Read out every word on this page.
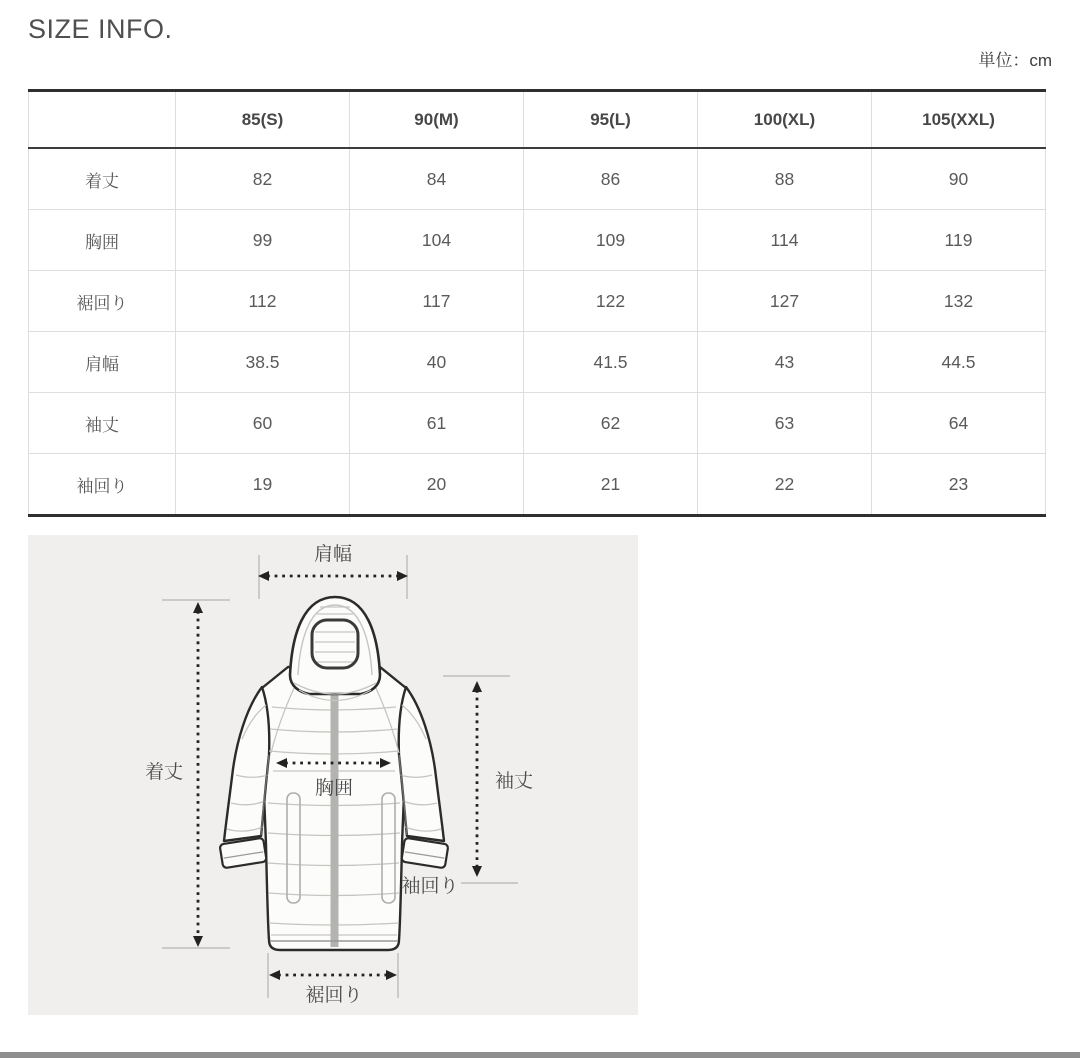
SIZE INFO.
単位：cm
	85(S)	90(M)	95(L)	100(XL)	105(XXL)
着丈	82	84	86	88	90
胸囲	99	104	109	114	119
裾回り	112	117	122	127	132
肩幅	38.5	40	41.5	43	44.5
袖丈	60	61	62	63	64
袖回り	19	20	21	22	23
肩幅
着丈	袖丈
胸囲
袖回り
裾回り
